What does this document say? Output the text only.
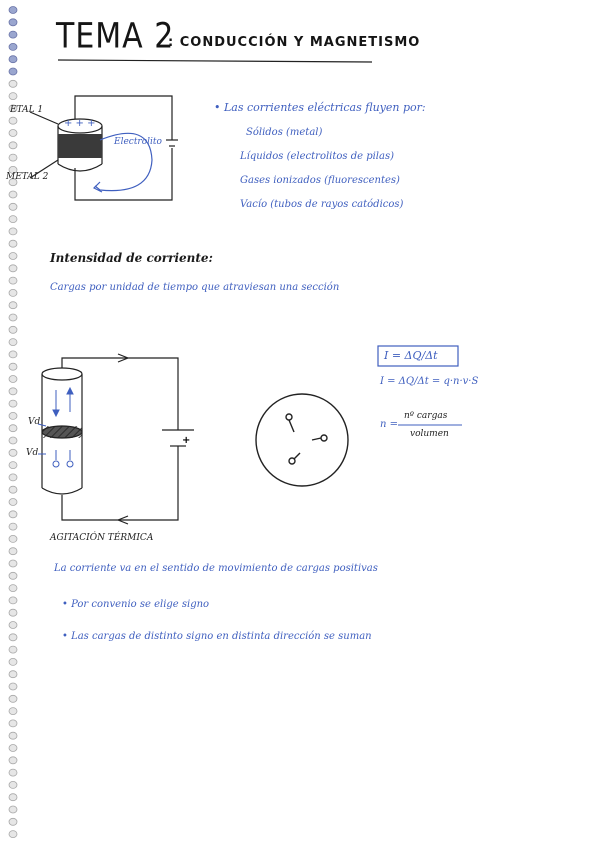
TEMA 2
: CONDUCCIÓN Y MAGNETISMO
ETAL 1
METAL 2
Electrolito
+ + +
• Las corrientes eléctricas fluyen por:
Sólidos (metal)
Líquidos (electrolitos de pilas)
Gases ionizados (fluorescentes)
Vacío (tubos de rayos catódicos)
Intensidad de corriente:
Cargas por unidad de tiempo que atraviesan una sección
I = ΔQ/Δt
I = ΔQ/Δt = q·n·v·S
n =
nº cargas
volumen
Vd
Vd
+
AGITACIÓN TÉRMICA
La corriente va en el sentido de movimiento de cargas positivas
• Por convenio se elige signo
• Las cargas de distinto signo en distinta dirección se suman
